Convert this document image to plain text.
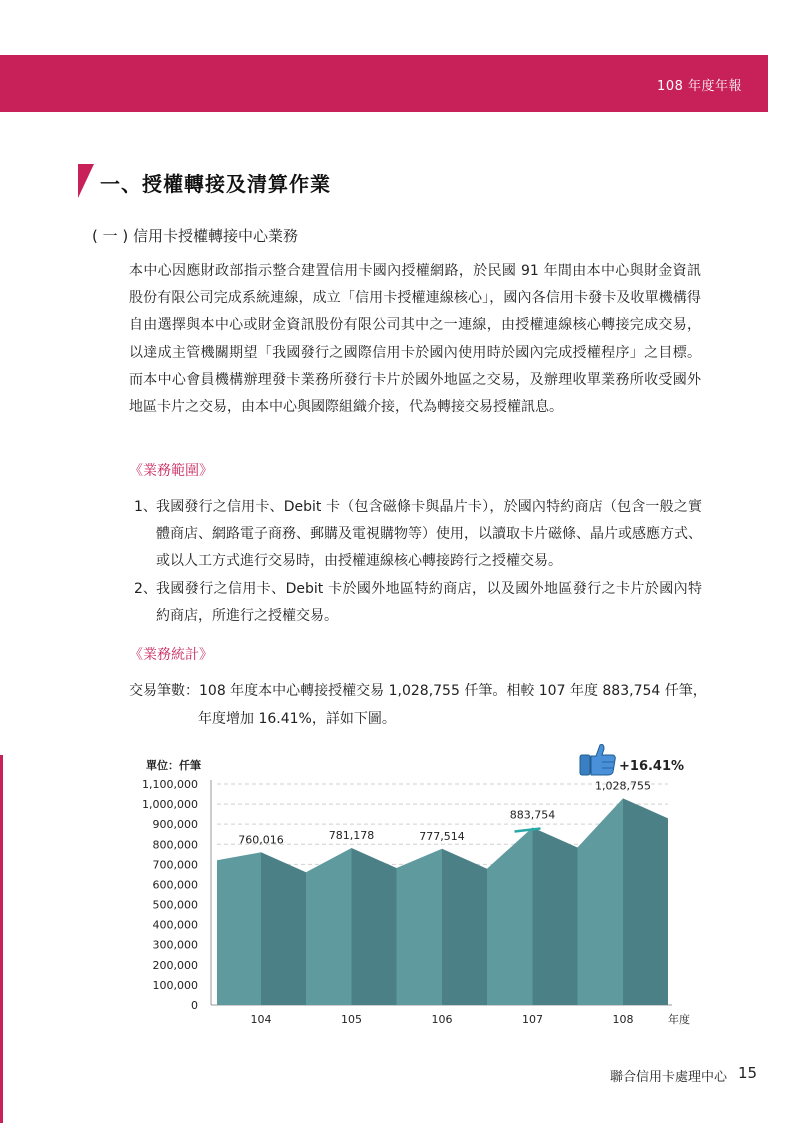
108 年度年報
一、授權轉接及清算作業
( 一 ) 信用卡授權轉接中心業務
本中心因應財政部指示整合建置信用卡國內授權網路，於民國 91 年間由本中心與財金資訊股份有限公司完成系統連線，成立「信用卡授權連線核心」，國內各信用卡發卡及收單機構得自由選擇與本中心或財金資訊股份有限公司其中之一連線，由授權連線核心轉接完成交易，以達成主管機關期望「我國發行之國際信用卡於國內使用時於國內完成授權程序」之目標。而本中心會員機構辦理發卡業務所發行卡片於國外地區之交易，及辦理收單業務所收受國外地區卡片之交易，由本中心與國際組織介接，代為轉接交易授權訊息。
《業務範圍》
1、 我國發行之信用卡、Debit 卡（包含磁條卡與晶片卡），於國內特約商店（包含一般之實體商店、網路電子商務、郵購及電視購物等）使用，以讀取卡片磁條、晶片或感應方式、或以人工方式進行交易時，由授權連線核心轉接跨行之授權交易。
2、 我國發行之信用卡、Debit 卡於國外地區特約商店，以及國外地區發行之卡片於國內特約商店，所進行之授權交易。
《業務統計》
交易筆數：108 年度本中心轉接授權交易 1,028,755 仟筆。相較 107 年度 883,754 仟筆，
年度增加 16.41%，詳如下圖。
單位：仟筆
0
100,000
200,000
300,000
400,000
500,000
600,000
700,000
800,000
900,000
1,000,000
1,100,000
760,016
104
781,178
105
777,514
106
883,754
107
1,028,755
108
+16.41%
年度
聯合信用卡處理中心 15
